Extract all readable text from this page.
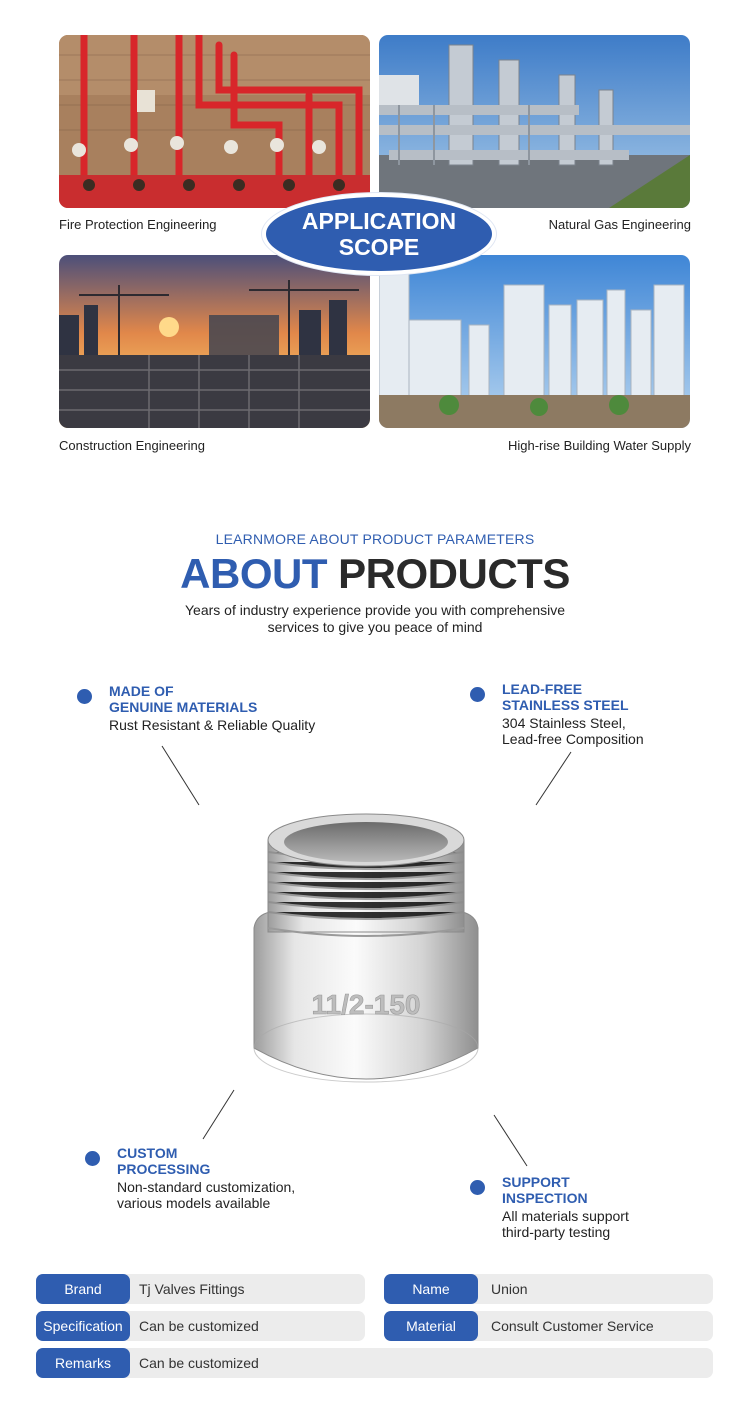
Fire Protection Engineering	Natural Gas Engineering
Construction Engineering	High-rise Building Water Supply
APPLICATION
SCOPE
LEARNMORE ABOUT PRODUCT PARAMETERS
ABOUT PRODUCTS
Years of industry experience provide you with comprehensive
services to give you peace of mind
MADE OF
GENUINE MATERIALS
Rust Resistant & Reliable Quality
LEAD-FREE
STAINLESS STEEL
304 Stainless Steel,
Lead-free Composition
CUSTOM
PROCESSING
Non-standard customization,
various models available
SUPPORT
INSPECTION
All materials support
third-party testing
11/2-150
Brand	Tj Valves Fittings	Name	Union
Specification	Can be customized	Material	Consult Customer Service
Remarks	Can be customized
